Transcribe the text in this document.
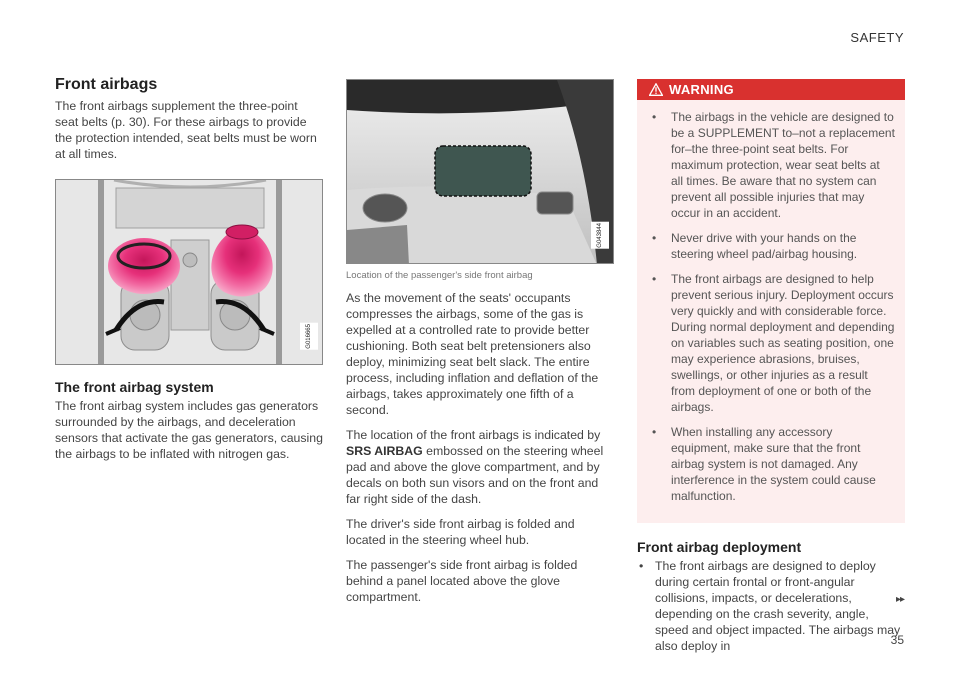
SAFETY
Front airbags

The front airbags supplement the three-point seat belts (p. 30). For these airbags to provide the protection intended, seat belts must be worn at all times.

G016665
The front airbag system

The front airbag system includes gas generators surrounded by the airbags, and deceleration sensors that activate the gas generators, causing the airbags to be inflated with nitrogen gas.

G043844
Location of the passenger's side front airbag

As the movement of the seats' occupants compresses the airbags, some of the gas is expelled at a controlled rate to provide better cushioning. Both seat belt pretensioners also deploy, minimizing seat belt slack. The entire process, including inflation and deflation of the airbags, takes approximately one fifth of a second.

The location of the front airbags is indicated by SRS AIRBAG embossed on the steering wheel pad and above the glove compartment, and by decals on both sun visors and on the front and far right side of the dash.

The driver's side front airbag is folded and located in the steering wheel hub.

The passenger's side front airbag is folded behind a panel located above the glove compartment.

WARNING
• The airbags in the vehicle are designed to be a SUPPLEMENT to–not a replacement for–the three-point seat belts. For maximum protection, wear seat belts at all times. Be aware that no system can prevent all possible injuries that may occur in an accident.
• Never drive with your hands on the steering wheel pad/airbag housing.
• The front airbags are designed to help prevent serious injury. Deployment occurs very quickly and with considerable force. During normal deployment and depending on variables such as seating position, one may experience abrasions, bruises, swellings, or other injuries as a result from deployment of one or both of the airbags.
• When installing any accessory equipment, make sure that the front airbag system is not damaged. Any interference in the system could cause malfunction.
Front airbag deployment
• The front airbags are designed to deploy during certain frontal or front-angular collisions, impacts, or decelerations, depending on the crash severity, angle, speed and object impacted. The airbags may also deploy in
▸▸
35
